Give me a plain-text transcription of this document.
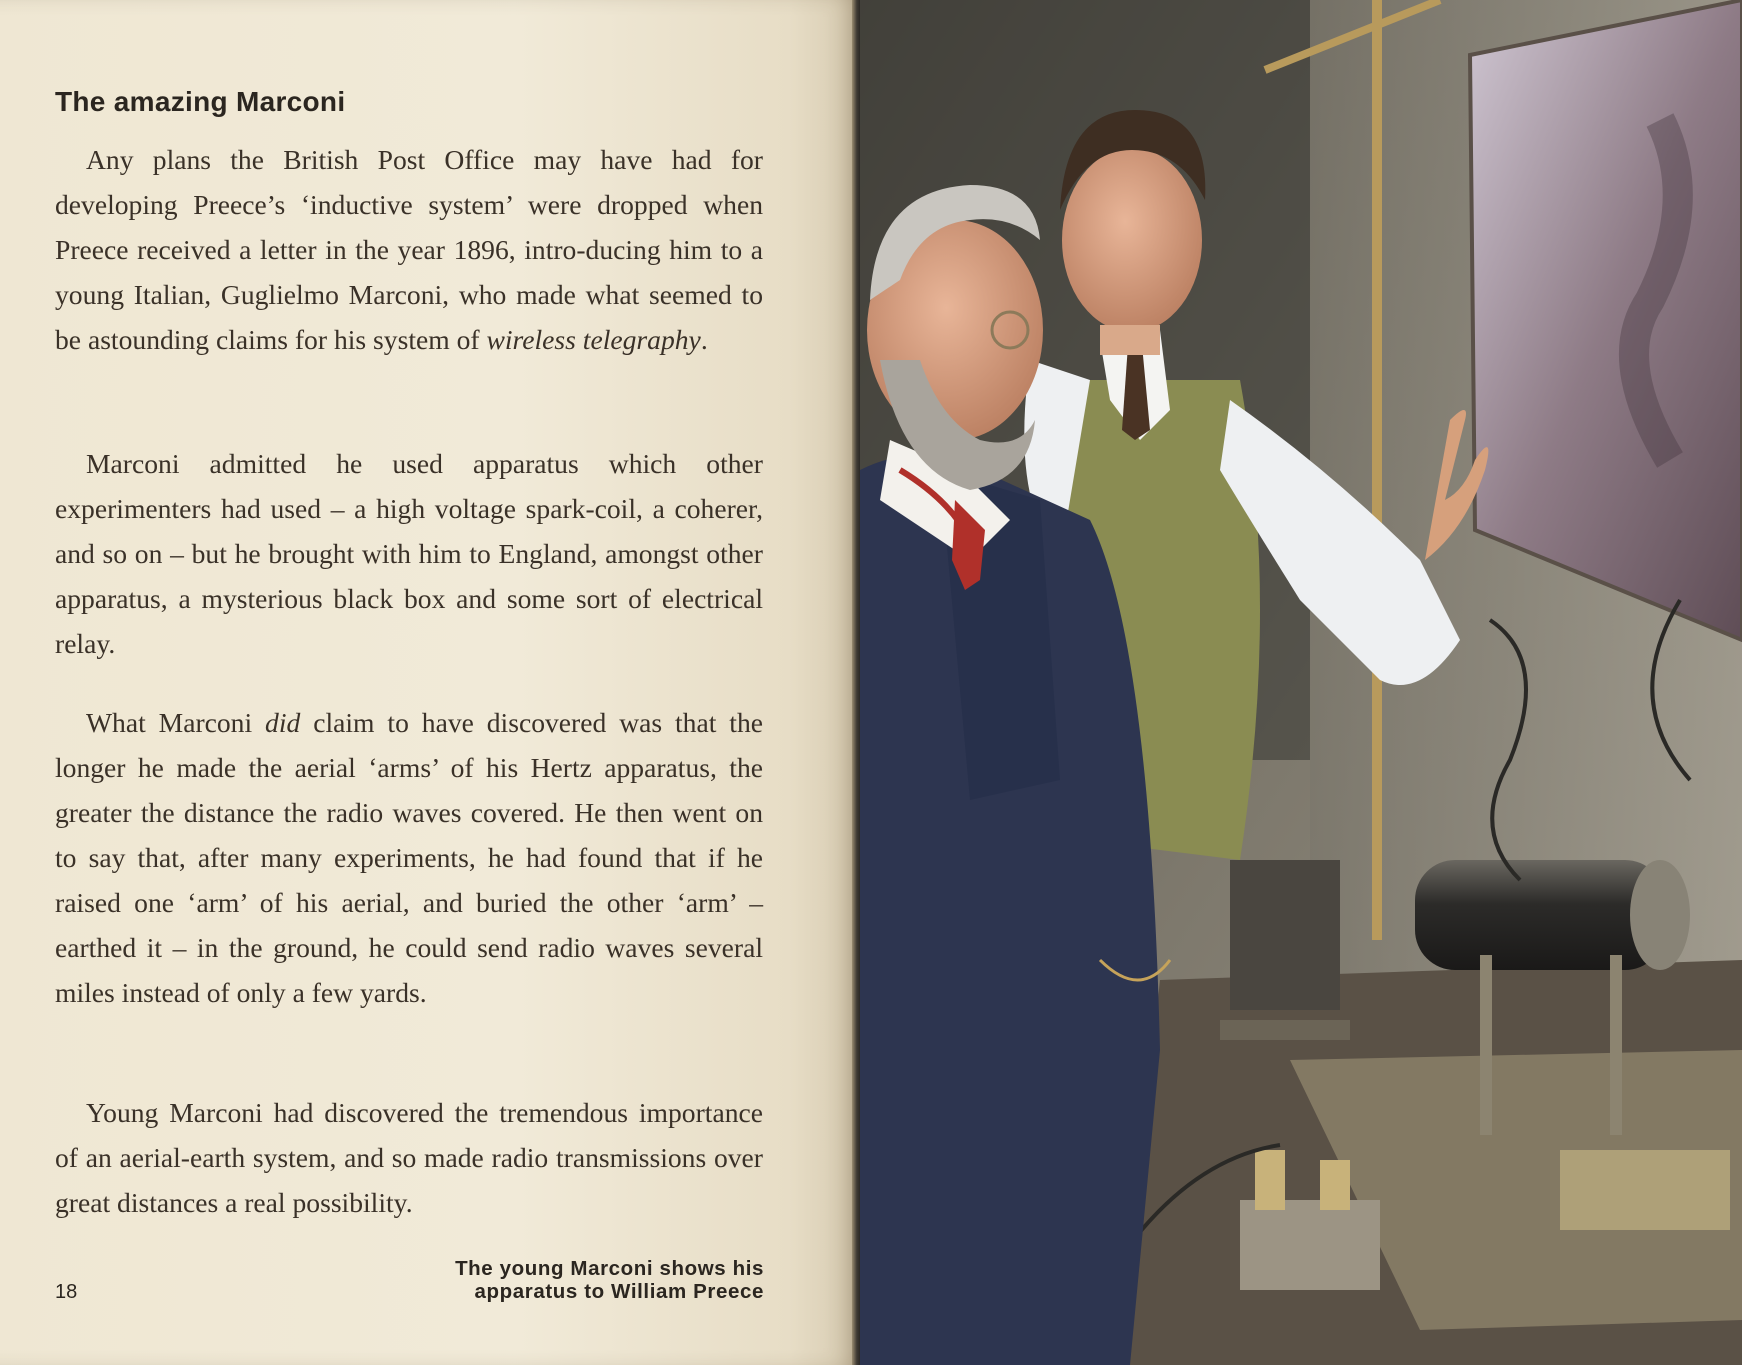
The amazing Marconi

Any plans the British Post Office may have had for developing Preece’s ‘inductive system’ were dropped when Preece received a letter in the year 1896, intro-ducing him to a young Italian, Guglielmo Marconi, who made what seemed to be astounding claims for his system of wireless telegraphy.

Marconi admitted he used apparatus which other experimenters had used – a high voltage spark-coil, a coherer, and so on – but he brought with him to England, amongst other apparatus, a mysterious black box and some sort of electrical relay.

What Marconi did claim to have discovered was that the longer he made the aerial ‘arms’ of his Hertz apparatus, the greater the distance the radio waves covered. He then went on to say that, after many experiments, he had found that if he raised one ‘arm’ of his aerial, and buried the other ‘arm’ – earthed it – in the ground, he could send radio waves several miles instead of only a few yards.

Young Marconi had discovered the tremendous importance of an aerial-earth system, and so made radio transmissions over great distances a real possibility.

18
The young Marconi shows his
apparatus to William Preece
